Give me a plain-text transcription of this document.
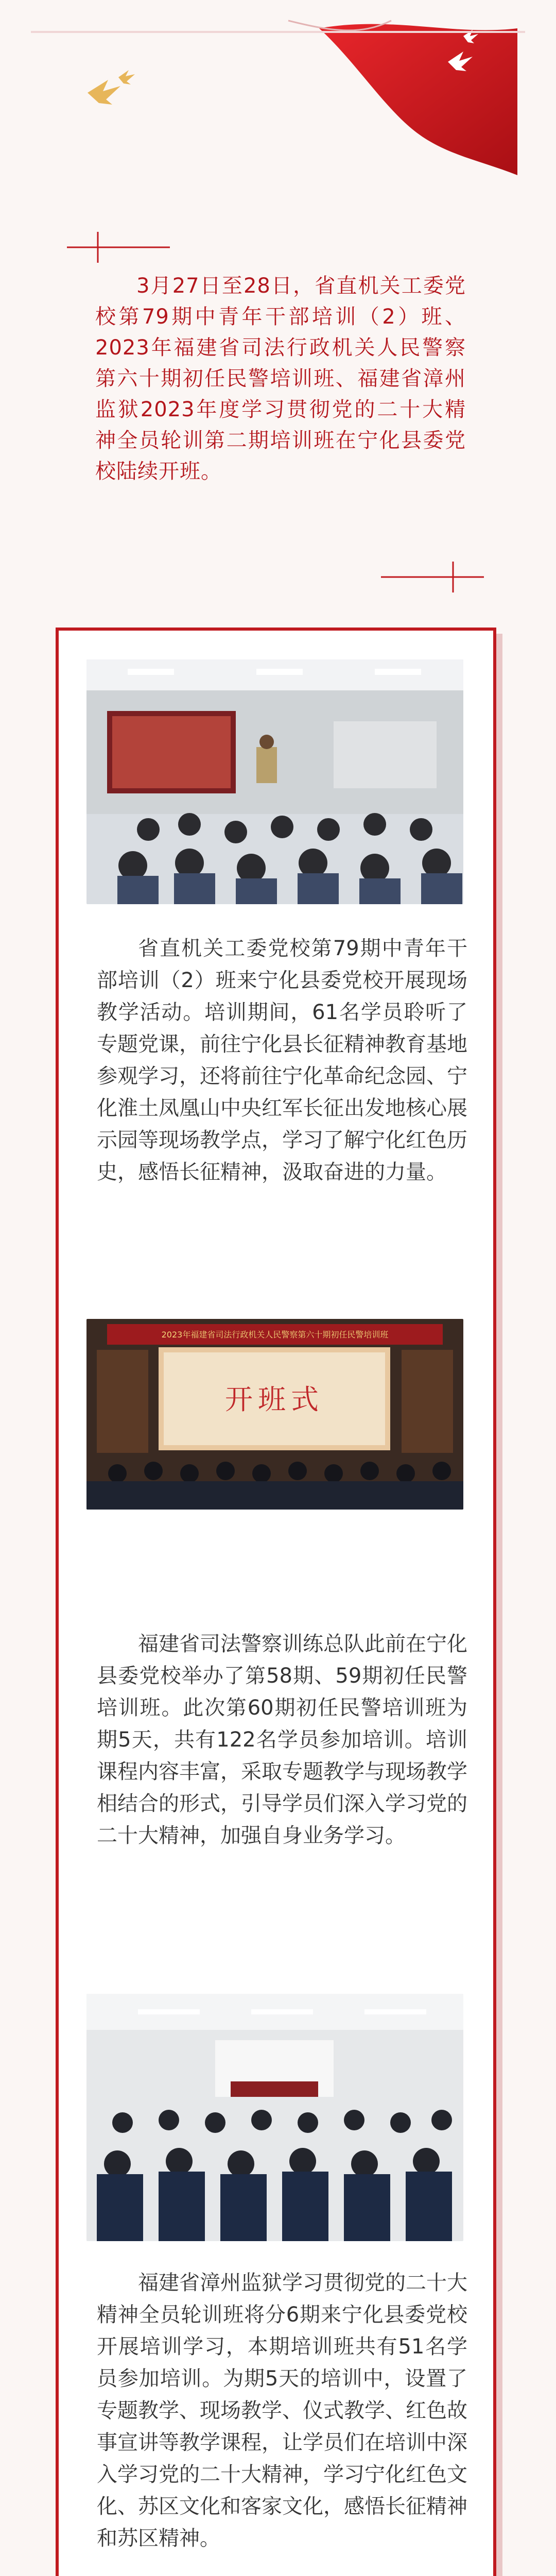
3月27日至28日，省直机关工委党校第79期中青年干部培训（2）班、2023年福建省司法行政机关人民警察第六十期初任民警培训班、福建省漳州监狱2023年度学习贯彻党的二十大精神全员轮训第二期培训班在宁化县委党校陆续开班。
省直机关工委党校第79期中青年干部培训（2）班来宁化县委党校开展现场教学活动。培训期间，61名学员聆听了专题党课，前往宁化县长征精神教育基地参观学习，还将前往宁化革命纪念园、宁化淮土凤凰山中央红军长征出发地核心展示园等现场教学点，学习了解宁化红色历史，感悟长征精神，汲取奋进的力量。
2023年福建省司法行政机关人民警察第六十期初任民警培训班
开班式
福建省司法警察训练总队此前在宁化县委党校举办了第58期、59期初任民警培训班。此次第60期初任民警培训班为期5天，共有122名学员参加培训。培训课程内容丰富，采取专题教学与现场教学相结合的形式，引导学员们深入学习党的二十大精神，加强自身业务学习。
福建省漳州监狱学习贯彻党的二十大精神全员轮训班将分6期来宁化县委党校开展培训学习，本期培训班共有51名学员参加培训。为期5天的培训中，设置了专题教学、现场教学、仪式教学、红色故事宣讲等教学课程，让学员们在培训中深入学习党的二十大精神，学习宁化红色文化、苏区文化和客家文化，感悟长征精神和苏区精神。
